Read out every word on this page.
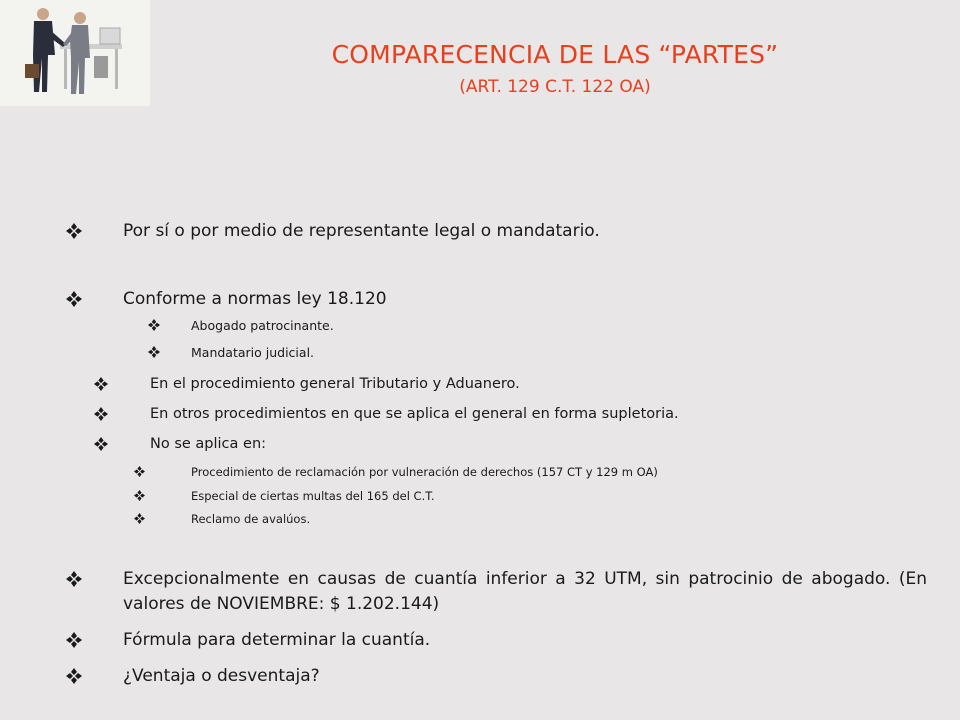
COMPARECENCIA DE LAS “PARTES”
(ART. 129 C.T. 122 OA)
Por sí o por medio de representante legal o mandatario.
Conforme a normas ley 18.120
Abogado patrocinante.
Mandatario judicial.
En el procedimiento general Tributario y Aduanero.
En otros procedimientos en que se aplica el general en forma supletoria.
No se aplica en:
Procedimiento de reclamación por vulneración de derechos (157 CT y 129 m OA)
Especial de ciertas multas del 165 del C.T.
Reclamo de avalúos.
Excepcionalmente en causas de cuantía inferior a 32 UTM, sin patrocinio de abogado. (En valores de NOVIEMBRE: $ 1.202.144)
Fórmula para determinar la cuantía.
¿Ventaja o desventaja?
